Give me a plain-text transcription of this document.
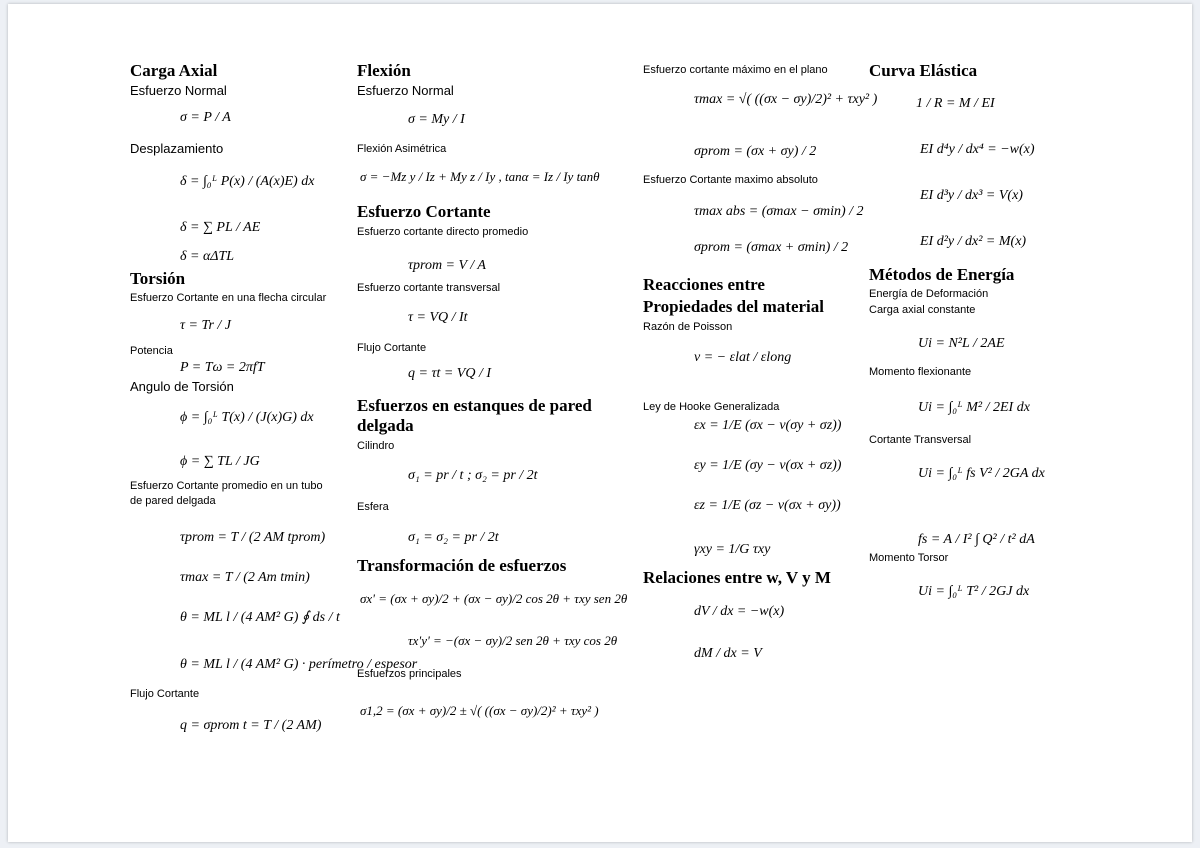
Carga Axial
Esfuerzo Normal
σ = P / A
Desplazamiento
δ = ∫₀ᴸ P(x) / (A(x)E) dx
δ = ∑ PL / AE
δ = αΔTL
Torsión
Esfuerzo Cortante en una flecha circular
τ = Tr / J
Potencia
P = Tω = 2πfT
Angulo de Torsión
ϕ = ∫₀ᴸ T(x) / (J(x)G) dx
ϕ = ∑ TL / JG
Esfuerzo Cortante promedio en un tubo
de pared delgada
τprom = T / (2 AM tprom)
τmax = T / (2 Am tmin)
θ = ML l / (4 AM² G) ∮ ds / t
θ = ML l / (4 AM² G) · perímetro / espesor
Flujo Cortante
q = σprom t = T / (2 AM)
Flexión
Esfuerzo Normal
σ = My / I
Flexión Asimétrica
σ = −Mz y / Iz + My z / Iy , tanα = Iz / Iy tanθ
Esfuerzo Cortante
Esfuerzo cortante directo promedio
τprom = V / A
Esfuerzo cortante transversal
τ = VQ / It
Flujo Cortante
q = τt = VQ / I
Esfuerzos en estanques de pared
delgada
Cilindro
σ₁ = pr / t ; σ₂ = pr / 2t
Esfera
σ₁ = σ₂ = pr / 2t
Transformación de esfuerzos
σx' = (σx + σy)/2 + (σx − σy)/2 cos 2θ + τxy sen 2θ
τx'y' = −(σx − σy)/2 sen 2θ + τxy cos 2θ
Esfuerzos principales
σ1,2 = (σx + σy)/2 ± √( ((σx − σy)/2)² + τxy² )
Esfuerzo cortante máximo en el plano
τmax = √( ((σx − σy)/2)² + τxy² )
σprom = (σx + σy) / 2
Esfuerzo Cortante maximo absoluto
τmax abs = (σmax − σmin) / 2
σprom = (σmax + σmin) / 2
Reacciones entre
Propiedades del material
Razón de Poisson
ν = − εlat / εlong
Ley de Hooke Generalizada
εx = 1/E (σx − ν(σy + σz))
εy = 1/E (σy − ν(σx + σz))
εz = 1/E (σz − ν(σx + σy))
γxy = 1/G τxy
Relaciones entre w, V y M
dV / dx = −w(x)
dM / dx = V
Curva Elástica
1 / R = M / EI
EI d⁴y / dx⁴ = −w(x)
EI d³y / dx³ = V(x)
EI d²y / dx² = M(x)
Métodos de Energía
Energía de Deformación
Carga axial constante
Ui = N²L / 2AE
Momento flexionante
Ui = ∫₀ᴸ M² / 2EI dx
Cortante Transversal
Ui = ∫₀ᴸ fs V² / 2GA dx
fs = A / I² ∫ Q² / t² dA
Momento Torsor
Ui = ∫₀ᴸ T² / 2GJ dx
